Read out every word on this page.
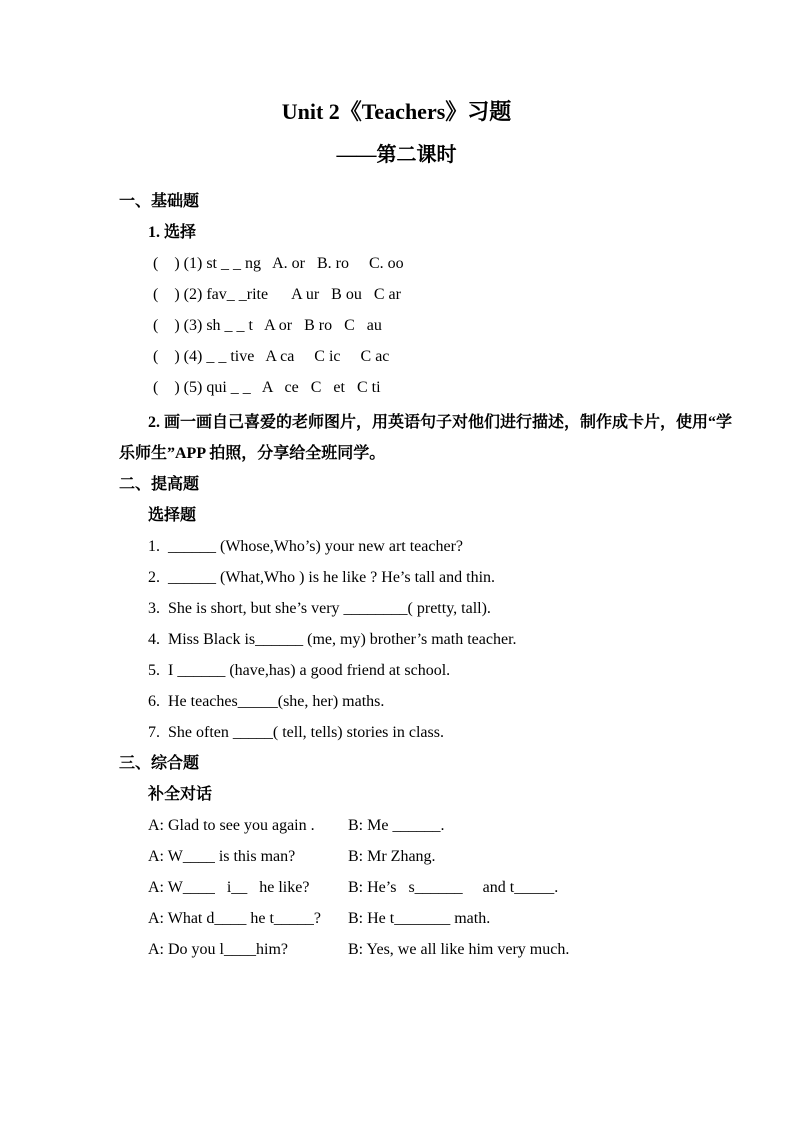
Unit 2《Teachers》习题
——第二课时
一、基础题
1. 选择
(    ) (1) st _ _ ng   A. or   B. ro     C. oo
(    ) (2) fav_ _rite      A ur   B ou   C ar
(    ) (3) sh _ _ t   A or   B ro   C   au
(    ) (4) _ _ tive   A ca     C ic     C ac
(    ) (5) qui _ _   A   ce   C   et   C ti
2. 画一画自己喜爱的老师图片，用英语句子对他们进行描述，制作成卡片，使用“学
乐师生”APP 拍照，分享给全班同学。
二、提高题
选择题
1.  ______ (Whose,Who’s) your new art teacher?
2.  ______ (What,Who ) is he like ? He’s tall and thin.
3.  She is short, but she’s very ________( pretty, tall).
4.  Miss Black is______ (me, my) brother’s math teacher.
5.  I ______ (have,has) a good friend at school.
6.  He teaches_____(she, her) maths.
7.  She often _____( tell, tells) stories in class.
三、综合题
补全对话
A: Glad to see you again .	B: Me ______.
A: W____ is this man?	B: Mr Zhang.
A: W____   i__   he like?	B: He’s   s______     and t_____.
A: What d____ he t_____?	B: He t_______ math.
A: Do you l____him?	B: Yes, we all like him very much.
